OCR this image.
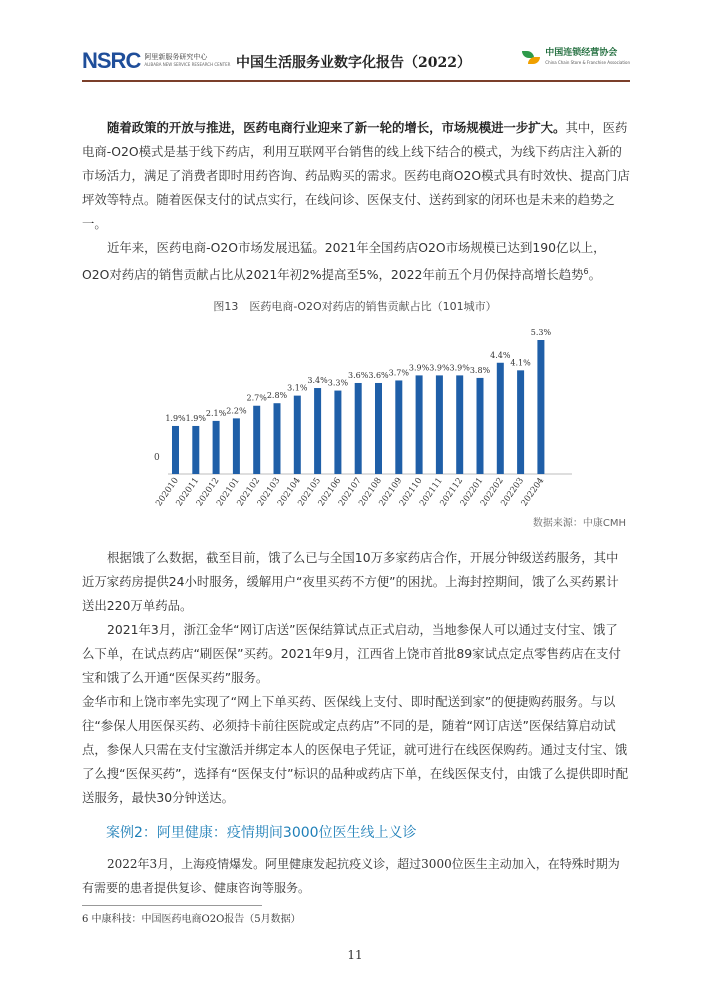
NSRC 阿里新服务研究中心
ALIBABA NEW SERVICE RESEARCH CENTER 中国生活服务业数字化报告（2022）
中国连锁经营协会
China Chain Store & Franchise Association
随着政策的开放与推进，医药电商行业迎来了新一轮的增长，市场规模进一步扩大。其中，医药电商-O2O模式是基于线下药店，利用互联网平台销售的线上线下结合的模式，为线下药店注入新的市场活力，满足了消费者即时用药咨询、药品购买的需求。医药电商O2O模式具有时效快、提高门店坪效等特点。随着医保支付的试点实行，在线问诊、医保支付、送药到家的闭环也是未来的趋势之一。
近年来，医药电商-O2O市场发展迅猛。2021年全国药店O2O市场规模已达到190亿以上，O2O对药店的销售贡献占比从2021年初2%提高至5%，2022年前五个月仍保持高增长趋势$^6$。
图13　医药电商-O2O对药店的销售贡献占比（101城市）
0
1.9%
202010
1.9%
202011
2.1%
202012
2.2%
202101
2.7%
202102
2.8%
202103
3.1%
202104
3.4%
202105
3.3%
202106
3.6%
202107
3.6%
202108
3.7%
202109
3.9%
202110
3.9%
202111
3.9%
202112
3.8%
202201
4.4%
202202
4.1%
202203
5.3%
202204
数据来源：中康CMH
根据饿了么数据，截至目前，饿了么已与全国10万多家药店合作，开展分钟级送药服务，其中近万家药房提供24小时服务，缓解用户“夜里买药不方便”的困扰。上海封控期间，饿了么买药累计送出220万单药品。
2021年3月，浙江金华“网订店送”医保结算试点正式启动，当地参保人可以通过支付宝、饿了么下单，在试点药店“刷医保”买药。2021年9月，江西省上饶市首批89家试点定点零售药店在支付宝和饿了么开通“医保买药”服务。
金华市和上饶市率先实现了“网上下单买药、医保线上支付、即时配送到家”的便捷购药服务。与以往“参保人用医保买药、必须持卡前往医院或定点药店”不同的是，随着“网订店送”医保结算启动试点，参保人只需在支付宝激活并绑定本人的医保电子凭证，就可进行在线医保购药。通过支付宝、饿了么搜“医保买药”，选择有“医保支付”标识的品种或药店下单，在线医保支付，由饿了么提供即时配送服务，最快30分钟送达。
案例2：阿里健康：疫情期间3000位医生线上义诊
2022年3月，上海疫情爆发。阿里健康发起抗疫义诊，超过3000位医生主动加入，在特殊时期为有需要的患者提供复诊、健康咨询等服务。
6 中康科技：中国医药电商O2O报告（5月数据）
11
